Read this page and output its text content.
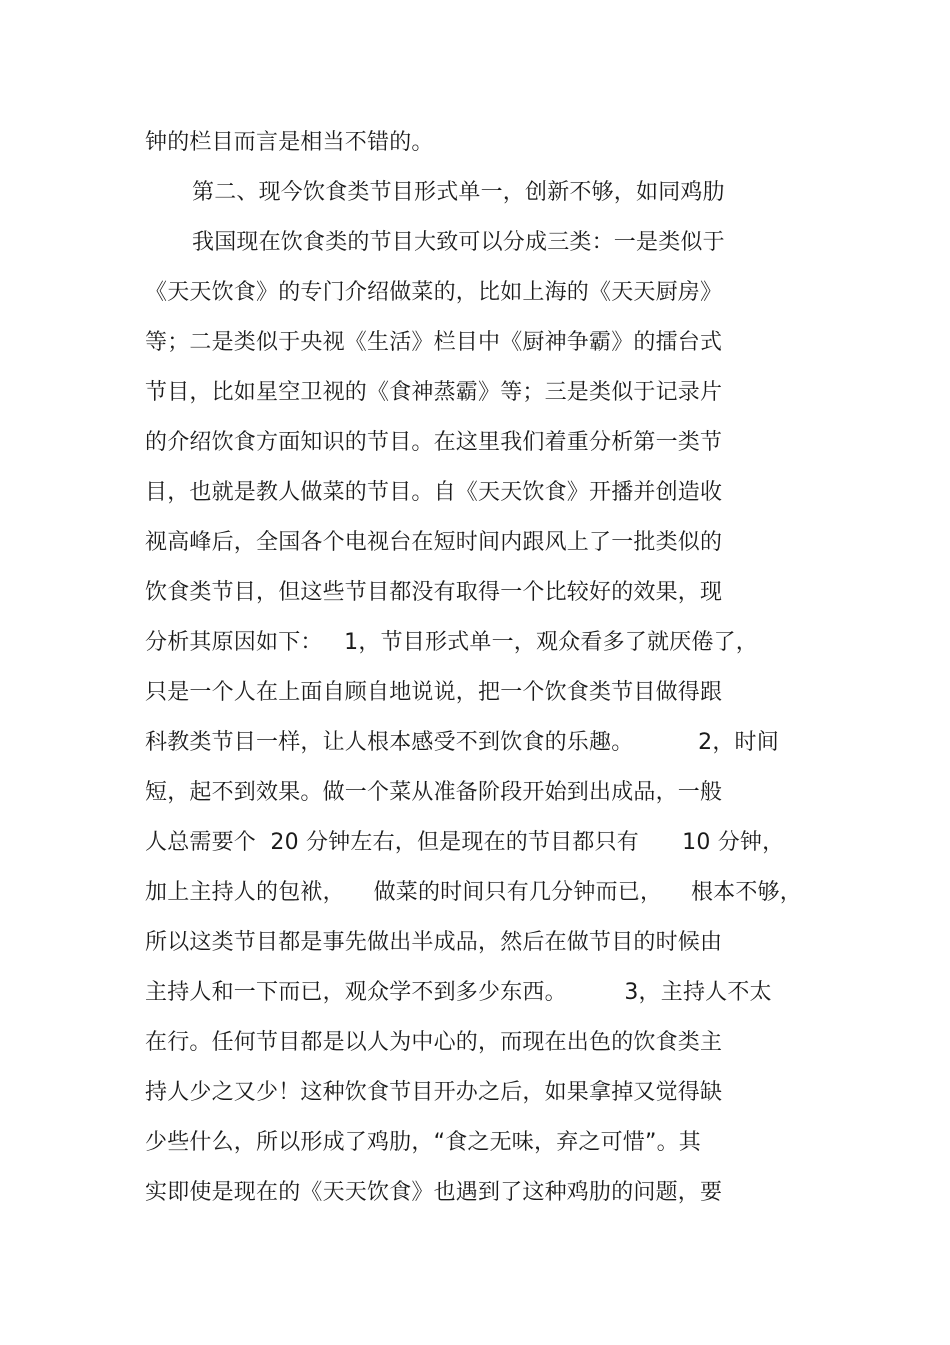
钟的栏目而言是相当不错的。
第二、现今饮食类节目形式单一，创新不够，如同鸡肋
我国现在饮食类的节目大致可以分成三类：一是类似于
《天天饮食》的专门介绍做菜的，比如上海的《天天厨房》
等；二是类似于央视《生活》栏目中《厨神争霸》的擂台式
节目，比如星空卫视的《食神蒸霸》等；三是类似于记录片
的介绍饮食方面知识的节目。在这里我们着重分析第一类节
目，也就是教人做菜的节目。自《天天饮食》开播并创造收
视高峰后，全国各个电视台在短时间内跟风上了一批类似的
饮食类节目，但这些节目都没有取得一个比较好的效果，现
分析其原因如下：   1，节目形式单一，观众看多了就厌倦了，
只是一个人在上面自顾自地说说，把一个饮食类节目做得跟
科教类节目一样，让人根本感受不到饮食的乐趣。         2，时间
短，起不到效果。做一个菜从准备阶段开始到出成品，一般
人总需要个  20 分钟左右，但是现在的节目都只有      10 分钟，
加上主持人的包袱，    做菜的时间只有几分钟而已，    根本不够，
所以这类节目都是事先做出半成品，然后在做节目的时候由
主持人和一下而已，观众学不到多少东西。        3，主持人不太
在行。任何节目都是以人为中心的，而现在出色的饮食类主
持人少之又少！这种饮食节目开办之后，如果拿掉又觉得缺
少些什么，所以形成了鸡肋，“食之无味，弃之可惜”。其
实即使是现在的《天天饮食》也遇到了这种鸡肋的问题，要
